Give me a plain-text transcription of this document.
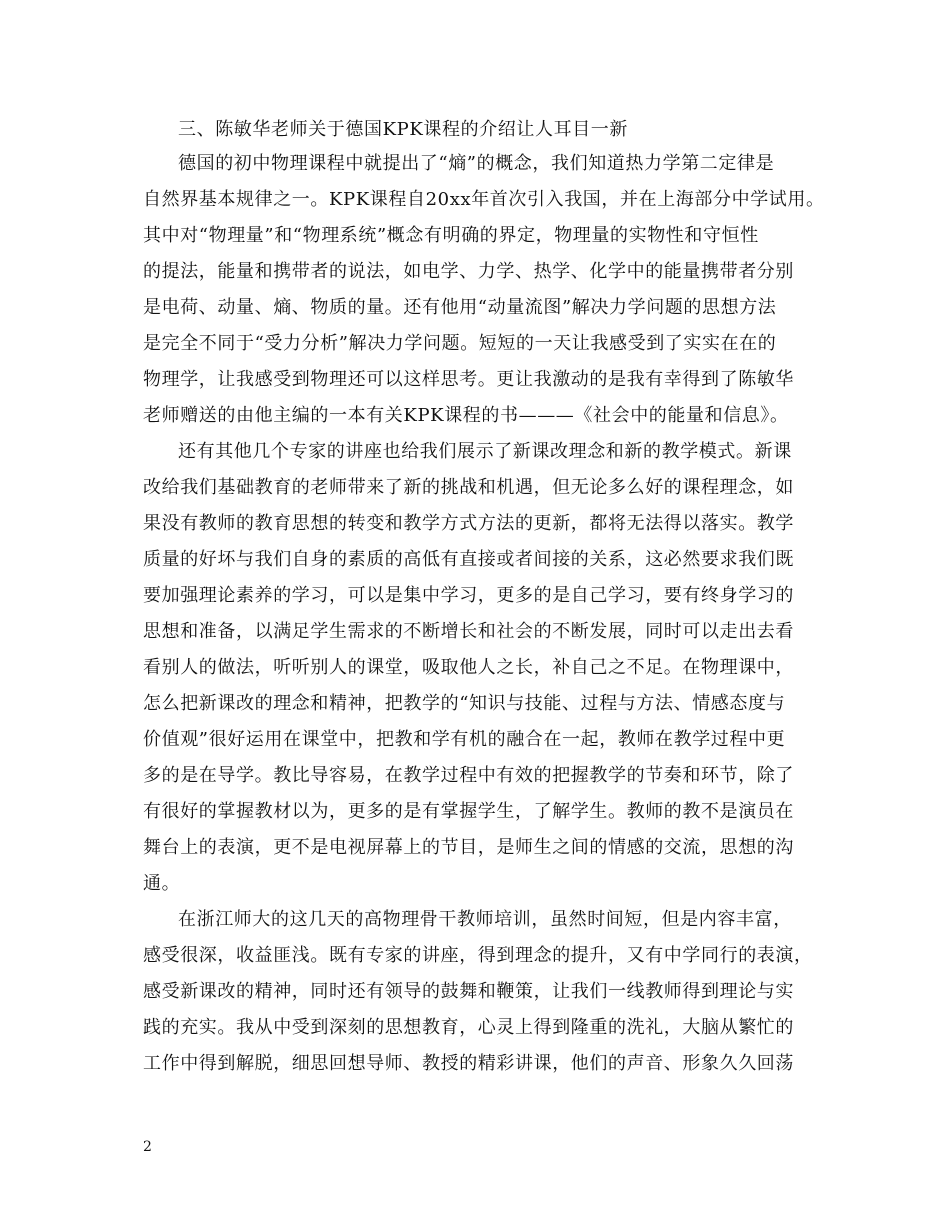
三、陈敏华老师关于德国KPK课程的介绍让人耳目一新
德国的初中物理课程中就提出了“熵”的概念，我们知道热力学第二定律是
自然界基本规律之一。KPK课程自20xx年首次引入我国，并在上海部分中学试用。
其中对“物理量”和“物理系统”概念有明确的界定，物理量的实物性和守恒性
的提法，能量和携带者的说法，如电学、力学、热学、化学中的能量携带者分别
是电荷、动量、熵、物质的量。还有他用“动量流图”解决力学问题的思想方法
是完全不同于“受力分析”解决力学问题。短短的一天让我感受到了实实在在的
物理学，让我感受到物理还可以这样思考。更让我激动的是我有幸得到了陈敏华
老师赠送的由他主编的一本有关KPK课程的书———《社会中的能量和信息》。
还有其他几个专家的讲座也给我们展示了新课改理念和新的教学模式。新课
改给我们基础教育的老师带来了新的挑战和机遇，但无论多么好的课程理念，如
果没有教师的教育思想的转变和教学方式方法的更新，都将无法得以落实。教学
质量的好坏与我们自身的素质的高低有直接或者间接的关系，这必然要求我们既
要加强理论素养的学习，可以是集中学习，更多的是自己学习，要有终身学习的
思想和准备，以满足学生需求的不断增长和社会的不断发展，同时可以走出去看
看别人的做法，听听别人的课堂，吸取他人之长，补自己之不足。在物理课中，
怎么把新课改的理念和精神，把教学的“知识与技能、过程与方法、情感态度与
价值观”很好运用在课堂中，把教和学有机的融合在一起，教师在教学过程中更
多的是在导学。教比导容易，在教学过程中有效的把握教学的节奏和环节，除了
有很好的掌握教材以为，更多的是有掌握学生，了解学生。教师的教不是演员在
舞台上的表演，更不是电视屏幕上的节目，是师生之间的情感的交流，思想的沟
通。
在浙江师大的这几天的高物理骨干教师培训，虽然时间短，但是内容丰富，
感受很深，收益匪浅。既有专家的讲座，得到理念的提升，又有中学同行的表演，
感受新课改的精神，同时还有领导的鼓舞和鞭策，让我们一线教师得到理论与实
践的充实。我从中受到深刻的思想教育，心灵上得到隆重的洗礼，大脑从繁忙的
工作中得到解脱，细思回想导师、教授的精彩讲课，他们的声音、形象久久回荡
2
